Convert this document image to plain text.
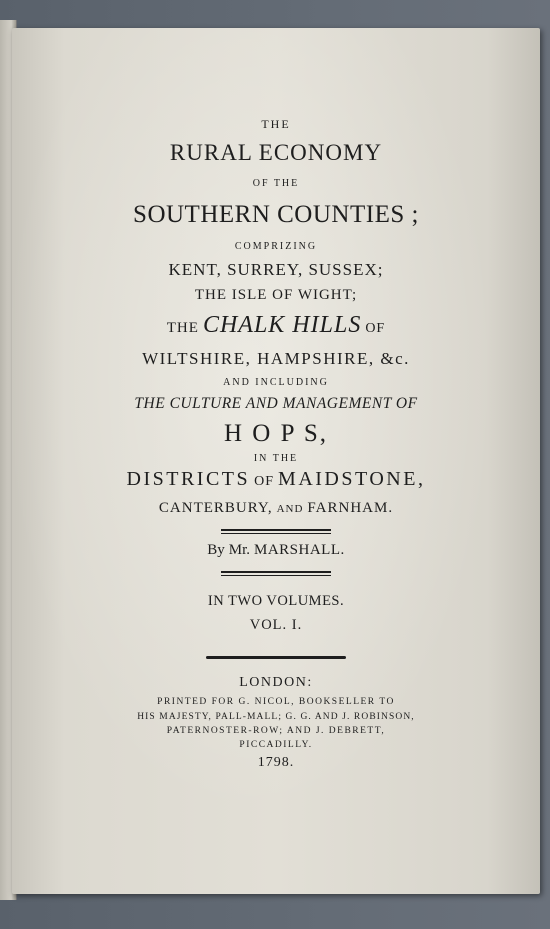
THE
RURAL ECONOMY
OF THE
SOUTHERN COUNTIES ;
COMPRIZING
KENT, SURREY, SUSSEX;
THE ISLE OF WIGHT;
THE CHALK HILLS OF
WILTSHIRE, HAMPSHIRE, &c.
AND INCLUDING
THE CULTURE AND MANAGEMENT OF
H O P S,
IN THE
DISTRICTS OF MAIDSTONE,
CANTERBURY, AND FARNHAM.
By Mr. MARSHALL.
IN TWO VOLUMES.
VOL. I.
LONDON:
PRINTED FOR G. NICOL, BOOKSELLER TO
HIS MAJESTY, PALL-MALL; G. G. AND J. ROBINSON,
PATERNOSTER-ROW; AND J. DEBRETT,
PICCADILLY.
1798.
